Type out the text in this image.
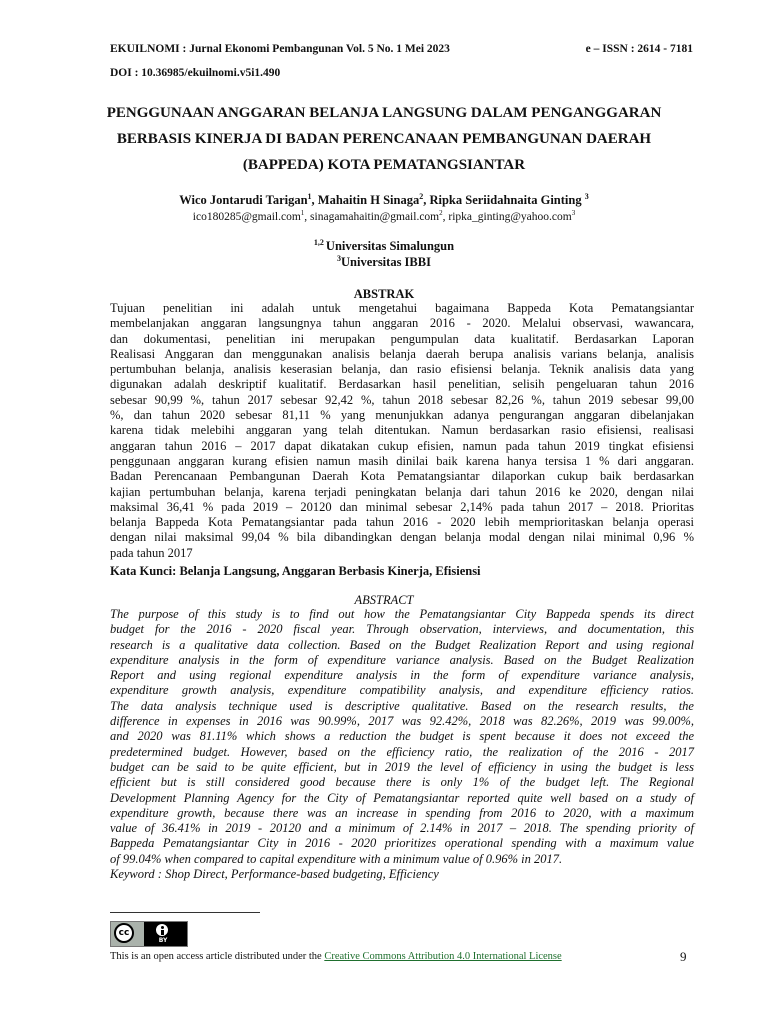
EKUILNOMI : Jurnal Ekonomi Pembangunan Vol. 5 No. 1 Mei 2023	e – ISSN : 2614 - 7181
DOI : 10.36985/ekuilnomi.v5i1.490
PENGGUNAAN ANGGARAN BELANJA LANGSUNG DALAM PENGANGGARAN
BERBASIS KINERJA DI BADAN PERENCANAAN PEMBANGUNAN DAERAH
(BAPPEDA) KOTA PEMATANGSIANTAR
Wico Jontarudi Tarigan$^1$, Mahaitin H Sinaga$^2$, Ripka Seriidahnaita Ginting $^3$
ico180285@gmail.com$^1$, sinagamahaitin@gmail.com$^2$, ripka_ginting@yahoo.com$^3$
$^{1,2}$ Universitas Simalungun
$^3$Universitas IBBI
ABSTRAK
Tujuan penelitian ini adalah untuk mengetahui bagaimana Bappeda Kota Pematangsiantar
membelanjakan anggaran langsungnya tahun anggaran 2016 - 2020. Melalui observasi, wawancara,
dan dokumentasi, penelitian ini merupakan pengumpulan data kualitatif. Berdasarkan Laporan
Realisasi Anggaran dan menggunakan analisis belanja daerah berupa analisis varians belanja, analisis
pertumbuhan belanja, analisis keserasian belanja, dan rasio efisiensi belanja. Teknik analisis data yang
digunakan adalah deskriptif kualitatif. Berdasarkan hasil penelitian, selisih pengeluaran tahun 2016
sebesar 90,99 %, tahun 2017 sebesar 92,42 %, tahun 2018 sebesar 82,26 %, tahun 2019 sebesar 99,00
%, dan tahun 2020 sebesar 81,11 % yang menunjukkan adanya pengurangan anggaran dibelanjakan
karena tidak melebihi anggaran yang telah ditentukan. Namun berdasarkan rasio efisiensi, realisasi
anggaran tahun 2016 – 2017 dapat dikatakan cukup efisien, namun pada tahun 2019 tingkat efisiensi
penggunaan anggaran kurang efisien namun masih dinilai baik karena hanya tersisa 1 % dari anggaran.
Badan Perencanaan Pembangunan Daerah Kota Pematangsiantar dilaporkan cukup baik berdasarkan
kajian pertumbuhan belanja, karena terjadi peningkatan belanja dari tahun 2016 ke 2020, dengan nilai
maksimal 36,41 % pada 2019 – 20120 dan minimal sebesar 2,14% pada tahun 2017 – 2018. Prioritas
belanja Bappeda Kota Pematangsiantar pada tahun 2016 - 2020 lebih memprioritaskan belanja operasi
dengan nilai maksimal 99,04 % bila dibandingkan dengan belanja modal dengan nilai minimal 0,96 %
pada tahun 2017
Kata Kunci: Belanja Langsung, Anggaran Berbasis Kinerja, Efisiensi
ABSTRACT
The purpose of this study is to find out how the Pematangsiantar City Bappeda spends its direct
budget for the 2016 - 2020 fiscal year. Through observation, interviews, and documentation, this
research is a qualitative data collection. Based on the Budget Realization Report and using regional
expenditure analysis in the form of expenditure variance analysis. Based on the Budget Realization
Report and using regional expenditure analysis in the form of expenditure variance analysis,
expenditure growth analysis, expenditure compatibility analysis, and expenditure efficiency ratios.
The data analysis technique used is descriptive qualitative. Based on the research results, the
difference in expenses in 2016 was 90.99%, 2017 was 92.42%, 2018 was 82.26%, 2019 was 99.00%,
and 2020 was 81.11% which shows a reduction the budget is spent because it does not exceed the
predetermined budget. However, based on the efficiency ratio, the realization of the 2016 - 2017
budget can be said to be quite efficient, but in 2019 the level of efficiency in using the budget is less
efficient but is still considered good because there is only 1% of the budget left. The Regional
Development Planning Agency for the City of Pematangsiantar reported quite well based on a study of
expenditure growth, because there was an increase in spending from 2016 to 2020, with a maximum
value of 36.41% in 2019 - 20120 and a minimum of 2.14% in 2017 – 2018. The spending priority of
Bappeda Pematangsiantar City in 2016 - 2020 prioritizes operational spending with a maximum value
of 99.04% when compared to capital expenditure with a minimum value of 0.96% in 2017.
Keyword : Shop Direct, Performance-based budgeting, Efficiency
cc
BY
This is an open access article distributed under the Creative Commons Attribution 4.0 International License	9
